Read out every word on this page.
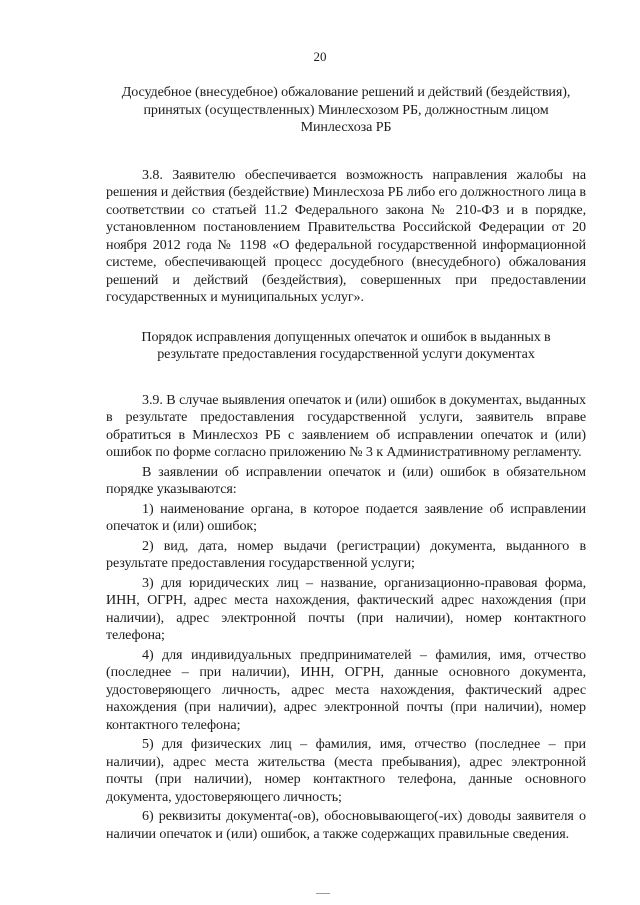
20

Досудебное (внесудебное) обжалование решений и действий (бездействия), принятых (осуществленных) Минлесхозом РБ, должностным лицом Минлесхоза РБ

3.8. Заявителю обеспечивается возможность направления жалобы на решения и действия (бездействие) Минлесхоза РБ либо его должностного лица в соответствии со статьей 11.2 Федерального закона № 210-ФЗ и в порядке, установленном постановлением Правительства Российской Федерации от 20 ноября 2012 года № 1198 «О федеральной государственной информационной системе, обеспечивающей процесс досудебного (внесудебного) обжалования решений и действий (бездействия), совершенных при предоставлении государственных и муниципальных услуг».

Порядок исправления допущенных опечаток и ошибок в выданных в результате предоставления государственной услуги документах

3.9. В случае выявления опечаток и (или) ошибок в документах, выданных в результате предоставления государственной услуги, заявитель вправе обратиться в Минлесхоз РБ с заявлением об исправлении опечаток и (или) ошибок по форме согласно приложению № 3 к Административному регламенту.

В заявлении об исправлении опечаток и (или) ошибок в обязательном порядке указываются:

1) наименование органа, в которое подается заявление об исправлении опечаток и (или) ошибок;

2) вид, дата, номер выдачи (регистрации) документа, выданного в результате предоставления государственной услуги;

3) для юридических лиц – название, организационно-правовая форма, ИНН, ОГРН, адрес места нахождения, фактический адрес нахождения (при наличии), адрес электронной почты (при наличии), номер контактного телефона;

4) для индивидуальных предпринимателей – фамилия, имя, отчество (последнее – при наличии), ИНН, ОГРН, данные основного документа, удостоверяющего личность, адрес места нахождения, фактический адрес нахождения (при наличии), адрес электронной почты (при наличии), номер контактного телефона;

5) для физических лиц – фамилия, имя, отчество (последнее – при наличии), адрес места жительства (места пребывания), адрес электронной почты (при наличии), номер контактного телефона, данные основного документа, удостоверяющего личность;

6) реквизиты документа(-ов), обосновывающего(-их) доводы заявителя о наличии опечаток и (или) ошибок, а также содержащих правильные сведения.
